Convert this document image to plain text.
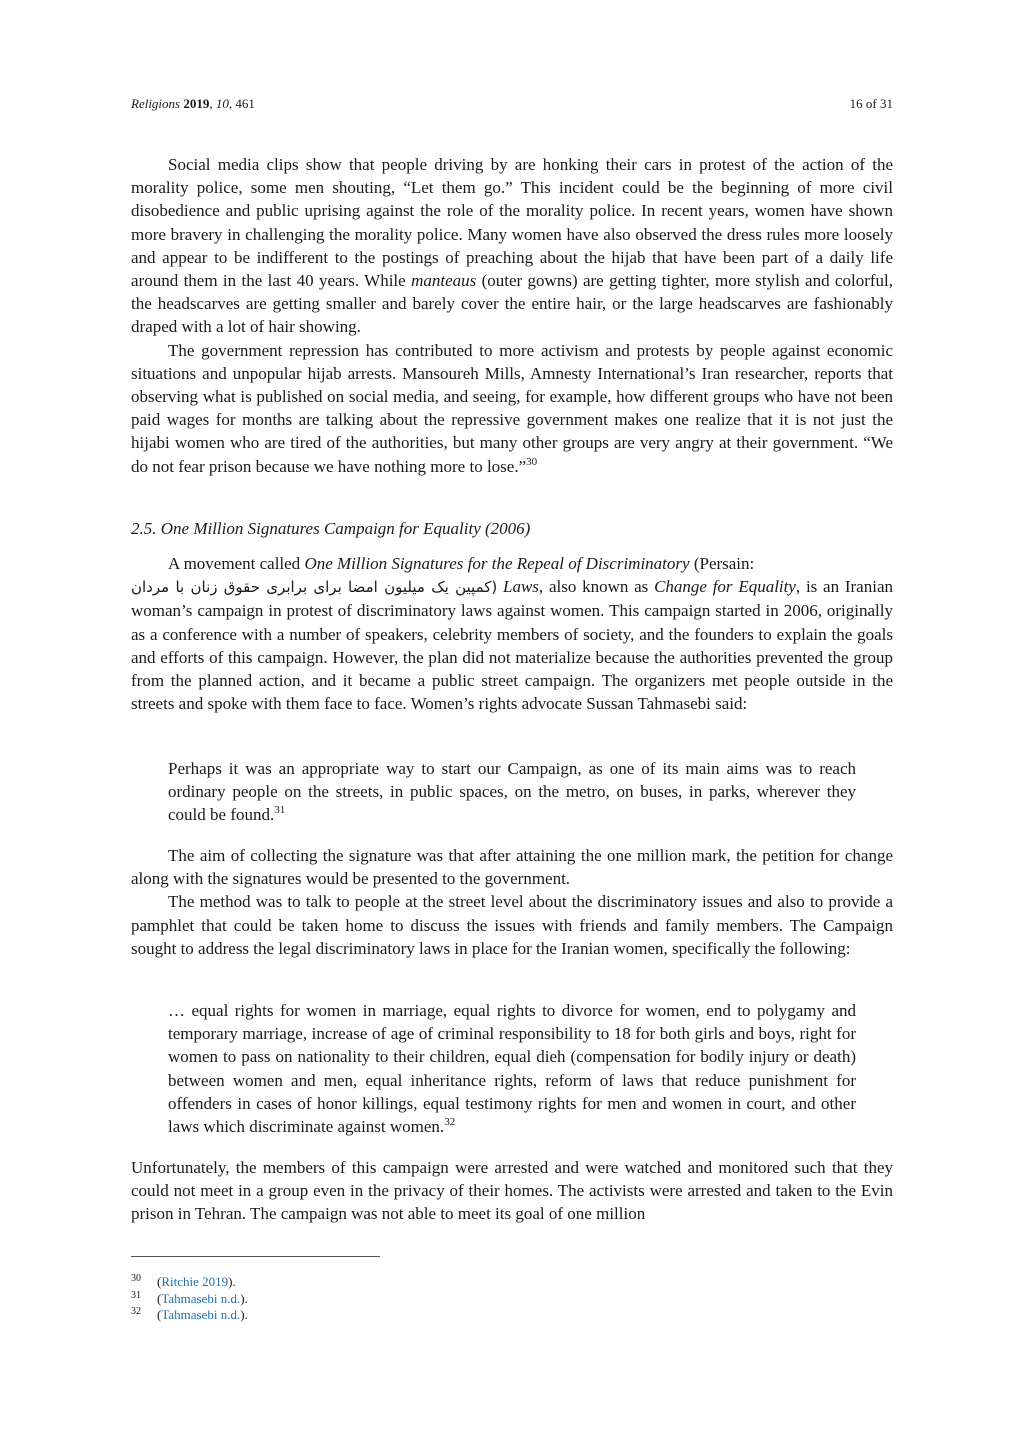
Religions 2019, 10, 461	16 of 31

Social media clips show that people driving by are honking their cars in protest of the action of the morality police, some men shouting, “Let them go.” This incident could be the beginning of more civil disobedience and public uprising against the role of the morality police. In recent years, women have shown more bravery in challenging the morality police. Many women have also observed the dress rules more loosely and appear to be indifferent to the postings of preaching about the hijab that have been part of a daily life around them in the last 40 years. While manteaus (outer gowns) are getting tighter, more stylish and colorful, the headscarves are getting smaller and barely cover the entire hair, or the large headscarves are fashionably draped with a lot of hair showing.

The government repression has contributed to more activism and protests by people against economic situations and unpopular hijab arrests. Mansoureh Mills, Amnesty International’s Iran researcher, reports that observing what is published on social media, and seeing, for example, how different groups who have not been paid wages for months are talking about the repressive government makes one realize that it is not just the hijabi women who are tired of the authorities, but many other groups are very angry at their government. “We do not fear prison because we have nothing more to lose.”$^{30}$

2.5. One Million Signatures Campaign for Equality (2006)

A movement called One Million Signatures for the Repeal of Discriminatory (Persain:
(کمپین یک میلیون امضا برای برابری حقوق زنان با مردان Laws, also known as Change for Equality, is an Iranian woman’s campaign in protest of discriminatory laws against women. This campaign started in 2006, originally as a conference with a number of speakers, celebrity members of society, and the founders to explain the goals and efforts of this campaign. However, the plan did not materialize because the authorities prevented the group from the planned action, and it became a public street campaign. The organizers met people outside in the streets and spoke with them face to face. Women’s rights advocate Sussan Tahmasebi said:

Perhaps it was an appropriate way to start our Campaign, as one of its main aims was to reach ordinary people on the streets, in public spaces, on the metro, on buses, in parks, wherever they could be found.$^{31}$

The aim of collecting the signature was that after attaining the one million mark, the petition for change along with the signatures would be presented to the government.

The method was to talk to people at the street level about the discriminatory issues and also to provide a pamphlet that could be taken home to discuss the issues with friends and family members. The Campaign sought to address the legal discriminatory laws in place for the Iranian women, specifically the following:

… equal rights for women in marriage, equal rights to divorce for women, end to polygamy and temporary marriage, increase of age of criminal responsibility to 18 for both girls and boys, right for women to pass on nationality to their children, equal dieh (compensation for bodily injury or death) between women and men, equal inheritance rights, reform of laws that reduce punishment for offenders in cases of honor killings, equal testimony rights for men and women in court, and other laws which discriminate against women.$^{32}$

Unfortunately, the members of this campaign were arrested and were watched and monitored such that they could not meet in a group even in the privacy of their homes. The activists were arrested and taken to the Evin prison in Tehran. The campaign was not able to meet its goal of one million

30 (Ritchie 2019).
31 (Tahmasebi n.d.).
32 (Tahmasebi n.d.).
